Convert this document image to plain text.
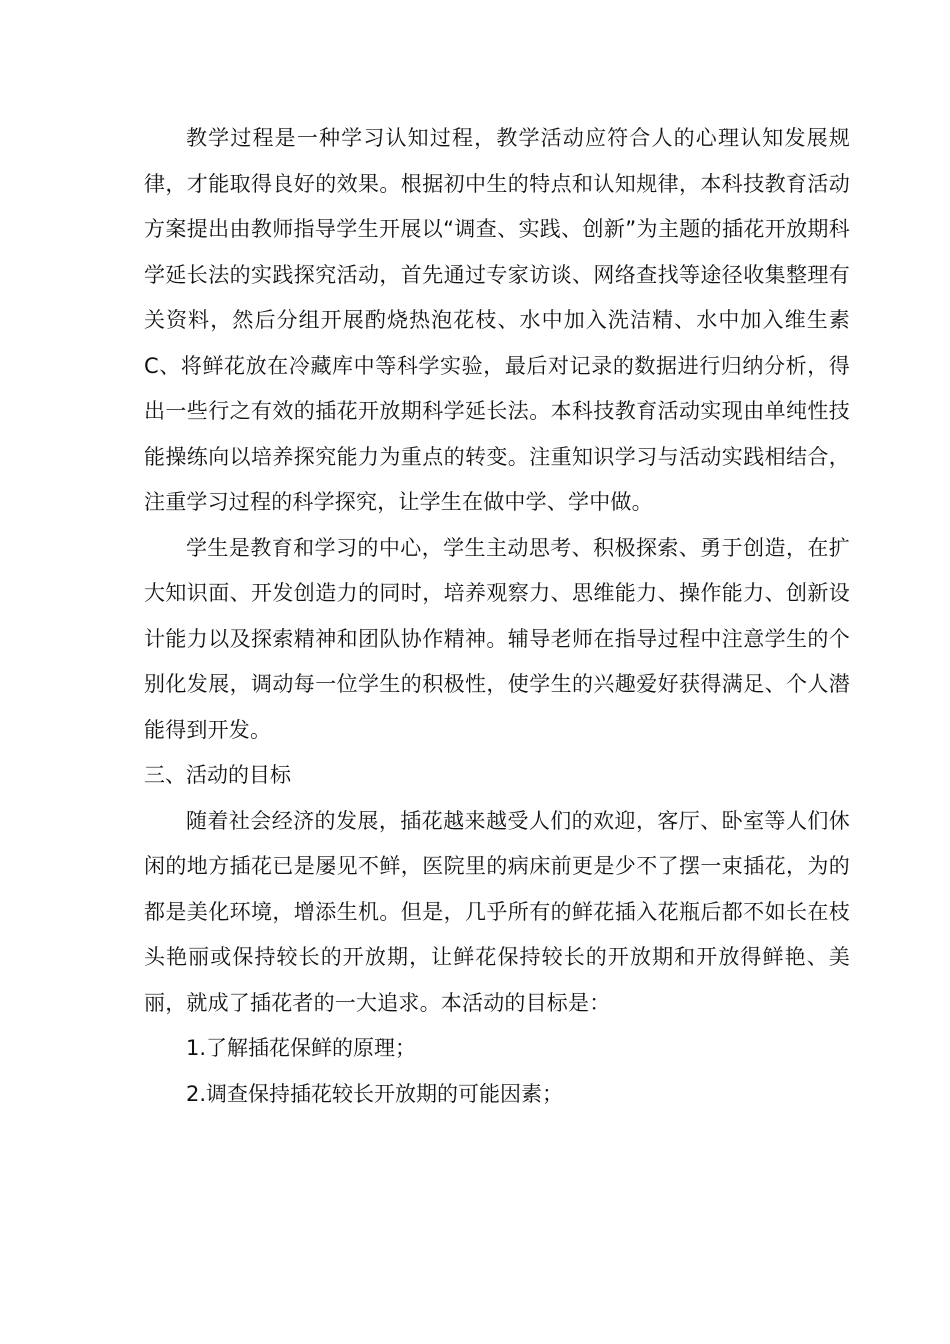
教学过程是一种学习认知过程，教学活动应符合人的心理认知发展规律，才能取得良好的效果。根据初中生的特点和认知规律，本科技教育活动方案提出由教师指导学生开展以“调查、实践、创新”为主题的插花开放期科学延长法的实践探究活动，首先通过专家访谈、网络查找等途径收集整理有关资料，然后分组开展酌烧热泡花枝、水中加入洗洁精、水中加入维生素 C、将鲜花放在冷藏库中等科学实验，最后对记录的数据进行归纳分析，得出一些行之有效的插花开放期科学延长法。本科技教育活动实现由单纯性技能操练向以培养探究能力为重点的转变。注重知识学习与活动实践相结合，注重学习过程的科学探究，让学生在做中学、学中做。

学生是教育和学习的中心，学生主动思考、积极探索、勇于创造，在扩大知识面、开发创造力的同时，培养观察力、思维能力、操作能力、创新设计能力以及探索精神和团队协作精神。辅导老师在指导过程中注意学生的个别化发展，调动每一位学生的积极性，使学生的兴趣爱好获得满足、个人潜能得到开发。

三、活动的目标

随着社会经济的发展，插花越来越受人们的欢迎，客厅、卧室等人们休闲的地方插花已是屡见不鲜，医院里的病床前更是少不了摆一束插花，为的都是美化环境，增添生机。但是，几乎所有的鲜花插入花瓶后都不如长在枝头艳丽或保持较长的开放期，让鲜花保持较长的开放期和开放得鲜艳、美丽，就成了插花者的一大追求。本活动的目标是：

1.了解插花保鲜的原理；

2.调查保持插花较长开放期的可能因素；
